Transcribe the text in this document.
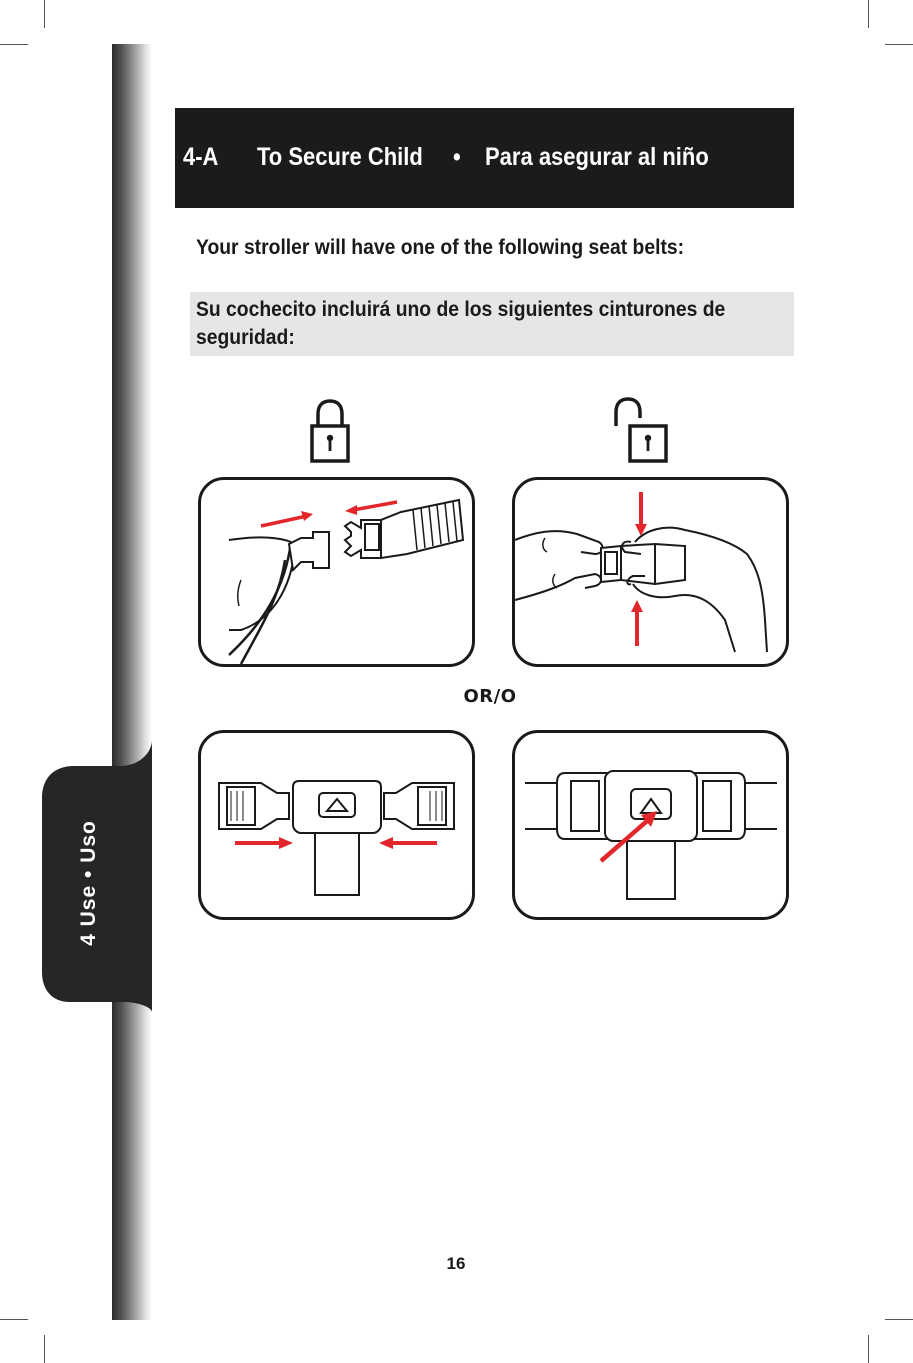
4 Use • Uso
4-A To Secure Child • Para asegurar al niño
Your stroller will have one of the following seat belts:
Su cochecito incluirá uno de los siguientes cinturones de seguridad:
OR/O
16
